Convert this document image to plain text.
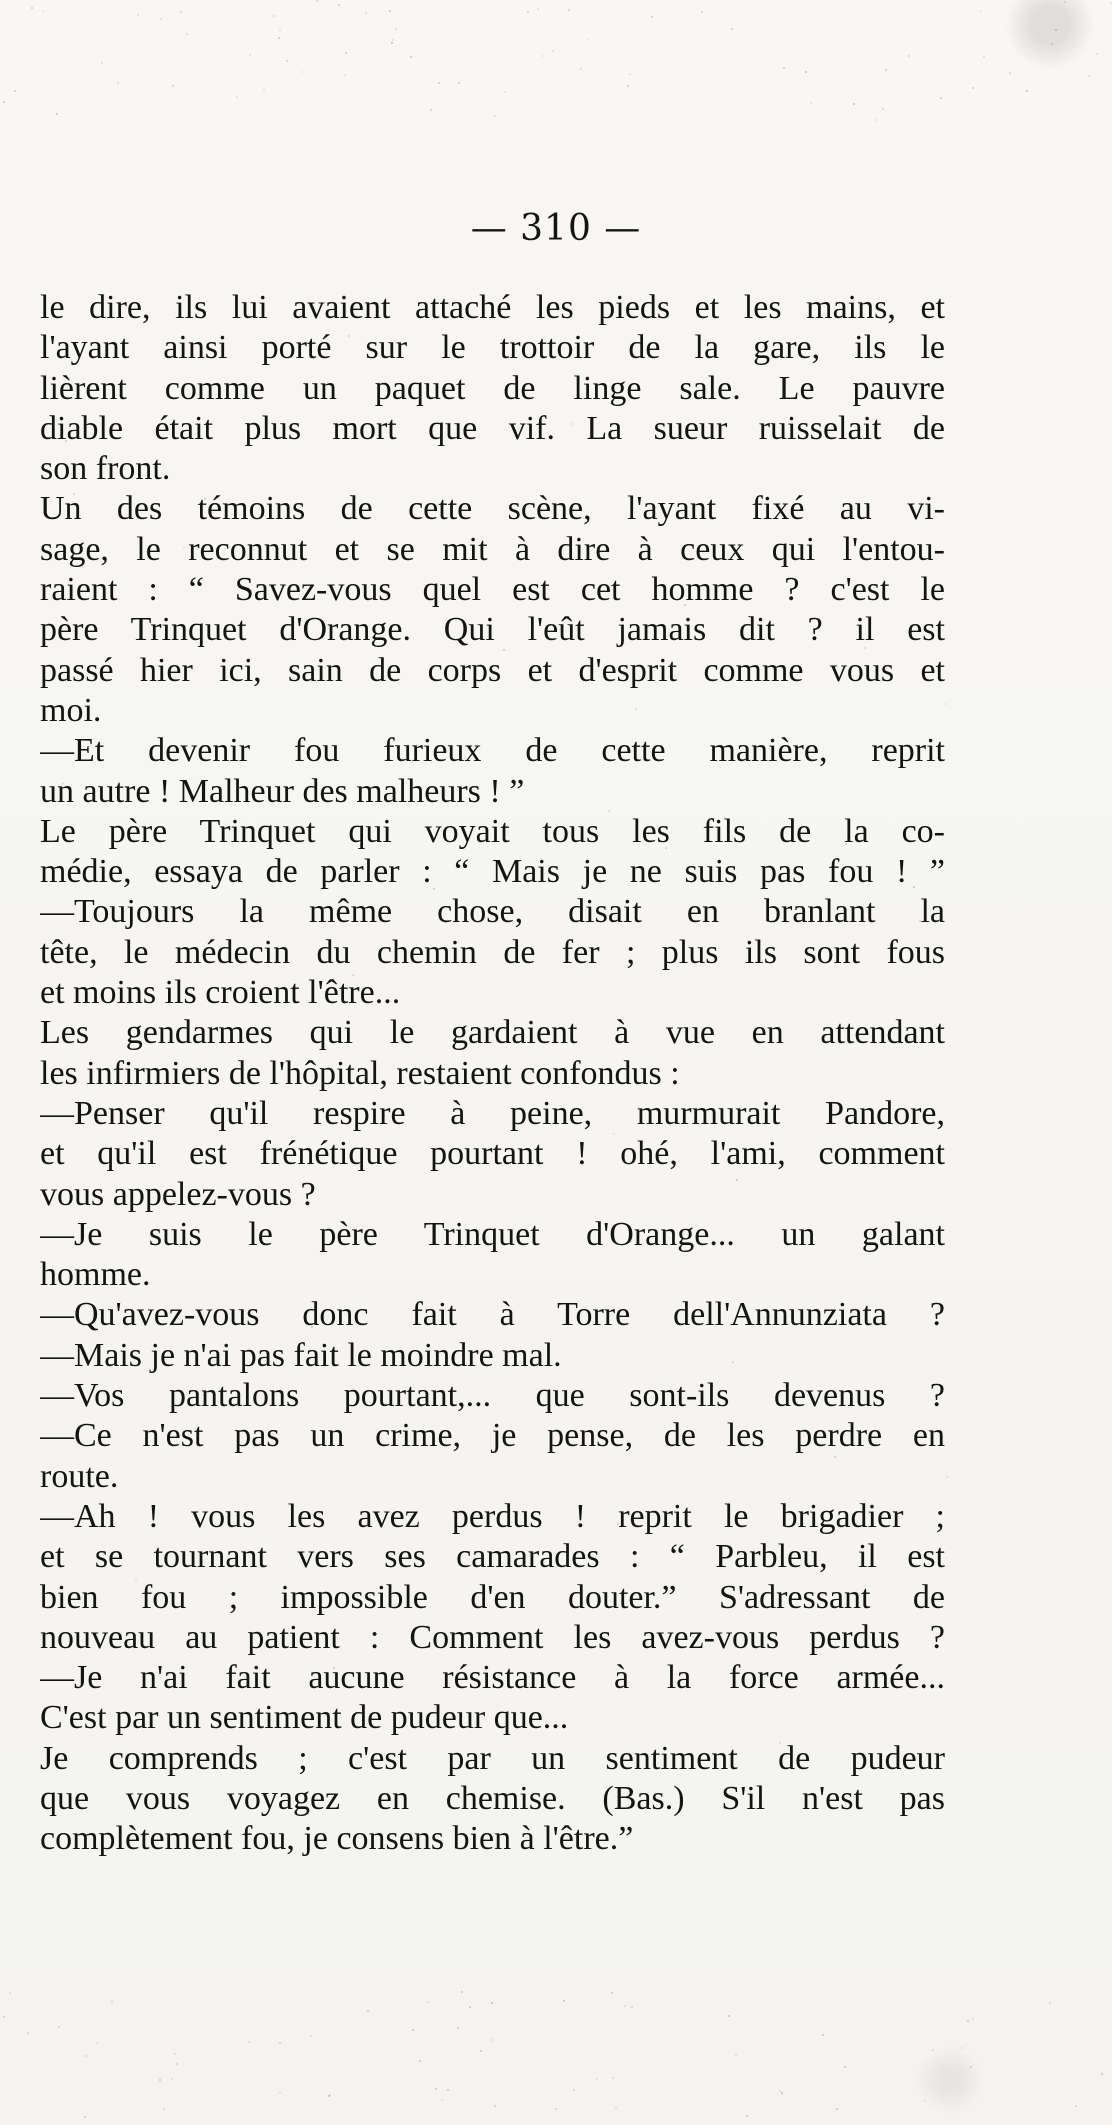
— 310 —
le dire, ils lui avaient attaché les pieds et les mains, et
l'ayant ainsi porté sur le trottoir de la gare, ils le
lièrent comme un paquet de linge sale. Le pauvre
diable était plus mort que vif. La sueur ruisselait de
son front.
Un des témoins de cette scène, l'ayant fixé au vi-
sage, le reconnut et se mit à dire à ceux qui l'entou-
raient : “ Savez-vous quel est cet homme ? c'est le
père Trinquet d'Orange. Qui l'eût jamais dit ? il est
passé hier ici, sain de corps et d'esprit comme vous et
moi.
—Et devenir fou furieux de cette manière, reprit
un autre ! Malheur des malheurs ! ”
Le père Trinquet qui voyait tous les fils de la co-
médie, essaya de parler : “ Mais je ne suis pas fou ! ”
—Toujours la même chose, disait en branlant la
tête, le médecin du chemin de fer ; plus ils sont fous
et moins ils croient l'être...
Les gendarmes qui le gardaient à vue en attendant
les infirmiers de l'hôpital, restaient confondus :
—Penser qu'il respire à peine, murmurait Pandore,
et qu'il est frénétique pourtant ! ohé, l'ami, comment
vous appelez-vous ?
—Je suis le père Trinquet d'Orange... un galant
homme.
—Qu'avez-vous donc fait à Torre dell'Annunziata ?
—Mais je n'ai pas fait le moindre mal.
—Vos pantalons pourtant,... que sont-ils devenus ?
—Ce n'est pas un crime, je pense, de les perdre en
route.
—Ah ! vous les avez perdus ! reprit le brigadier ;
et se tournant vers ses camarades : “ Parbleu, il est
bien fou ; impossible d'en douter.” S'adressant de
nouveau au patient : Comment les avez-vous perdus ?
—Je n'ai fait aucune résistance à la force armée...
C'est par un sentiment de pudeur que...
Je comprends ; c'est par un sentiment de pudeur
que vous voyagez en chemise. (Bas.) S'il n'est pas
complètement fou, je consens bien à l'être.”
